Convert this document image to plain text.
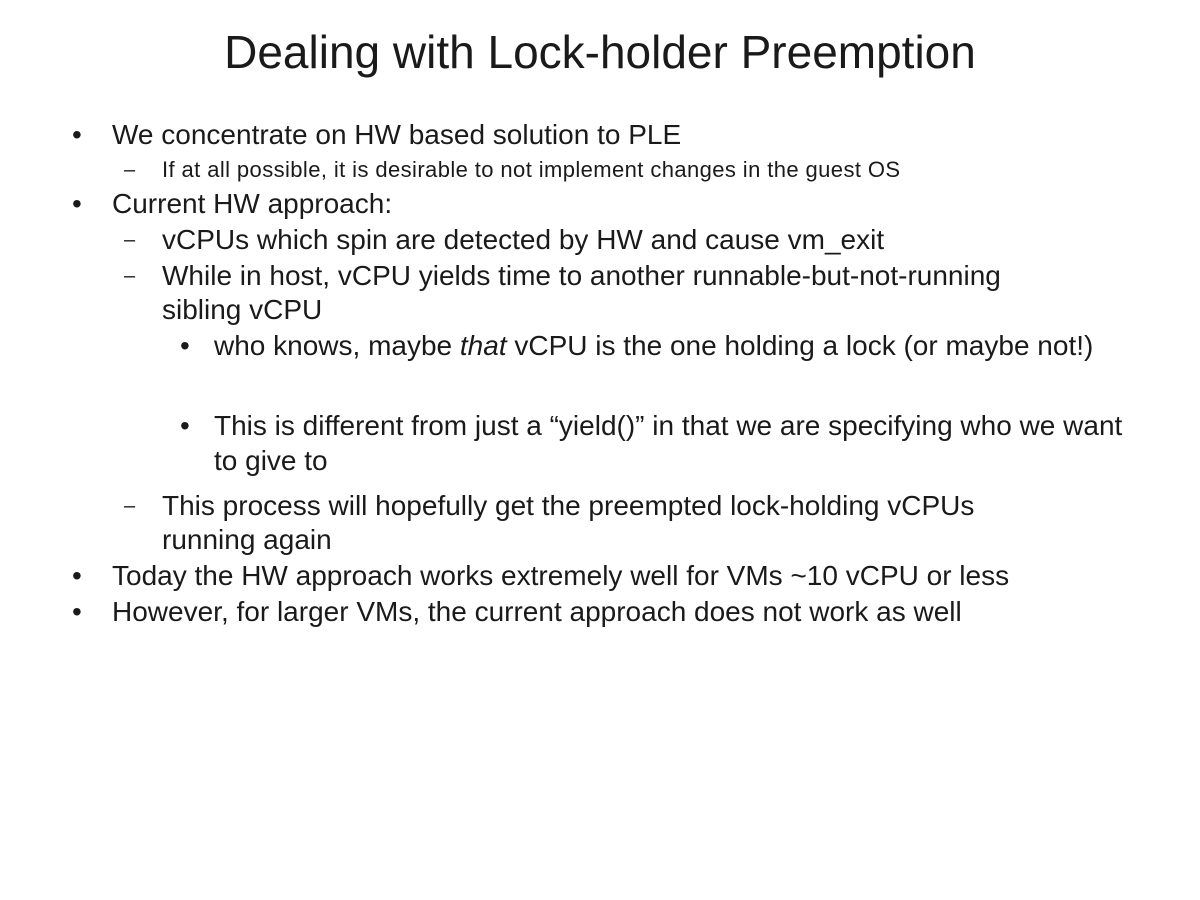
Dealing with Lock-holder Preemption
•	We concentrate on HW based solution to PLE
–	If at all possible, it is desirable to not implement changes in the guest OS
•	Current HW approach:
– vCPUs which spin are detected by HW and cause vm_exit
– While in host, vCPU yields time to another runnable-but-not-running sibling vCPU
• who knows, maybe that vCPU is the one holding a lock (or maybe not!)
• This is different from just a “yield()” in that we are specifying who we want to give to
– This process will hopefully get the preempted lock-holding vCPUs running again
•	Today the HW approach works extremely well for VMs ~10 vCPU or less
•	However, for larger VMs, the current approach does not work as well
